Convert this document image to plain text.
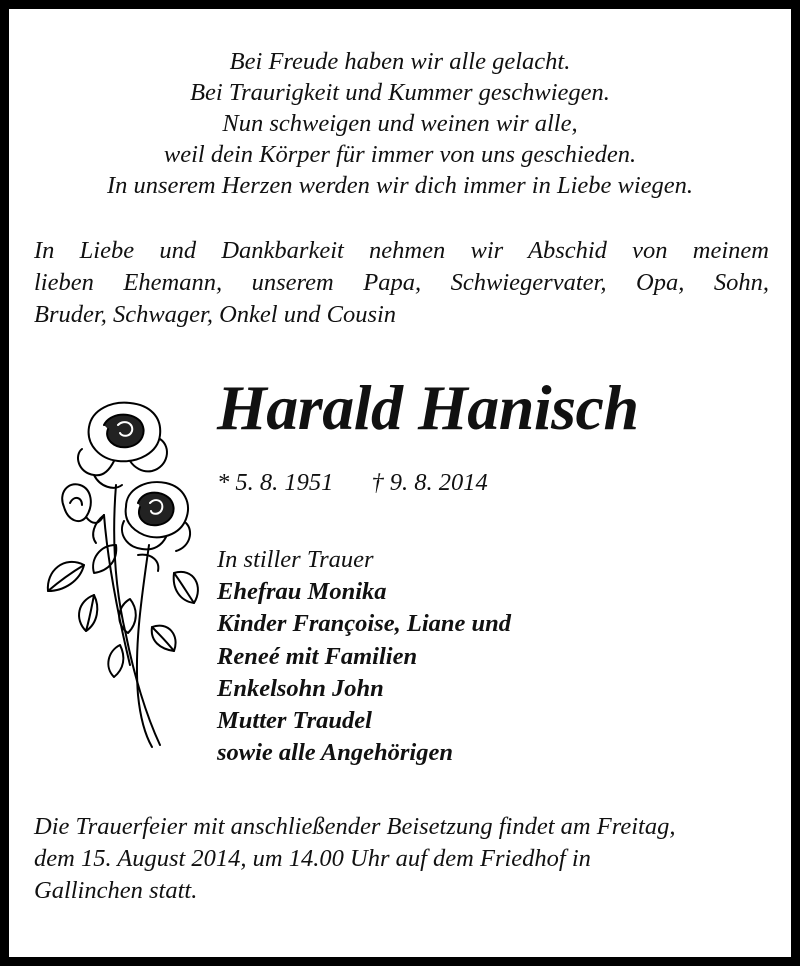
Bei Freude haben wir alle gelacht.
Bei Traurigkeit und Kummer geschwiegen.
Nun schweigen und weinen wir alle,
weil dein Körper für immer von uns geschieden.
In unserem Herzen werden wir dich immer in Liebe wiegen.
In Liebe und Dankbarkeit nehmen wir Abschid von meinem
lieben Ehemann, unserem Papa, Schwiegervater, Opa, Sohn,
Bruder, Schwager, Onkel und Cousin
Harald Hanisch
* 5. 8. 1951 † 9. 8. 2014
In stiller Trauer
Ehefrau Monika
Kinder Françoise, Liane und
Reneé mit Familien
Enkelsohn John
Mutter Traudel
sowie alle Angehörigen
Die Trauerfeier mit anschließender Beisetzung findet am Freitag,
dem 15. August 2014, um 14.00 Uhr auf dem Friedhof in
Gallinchen statt.
